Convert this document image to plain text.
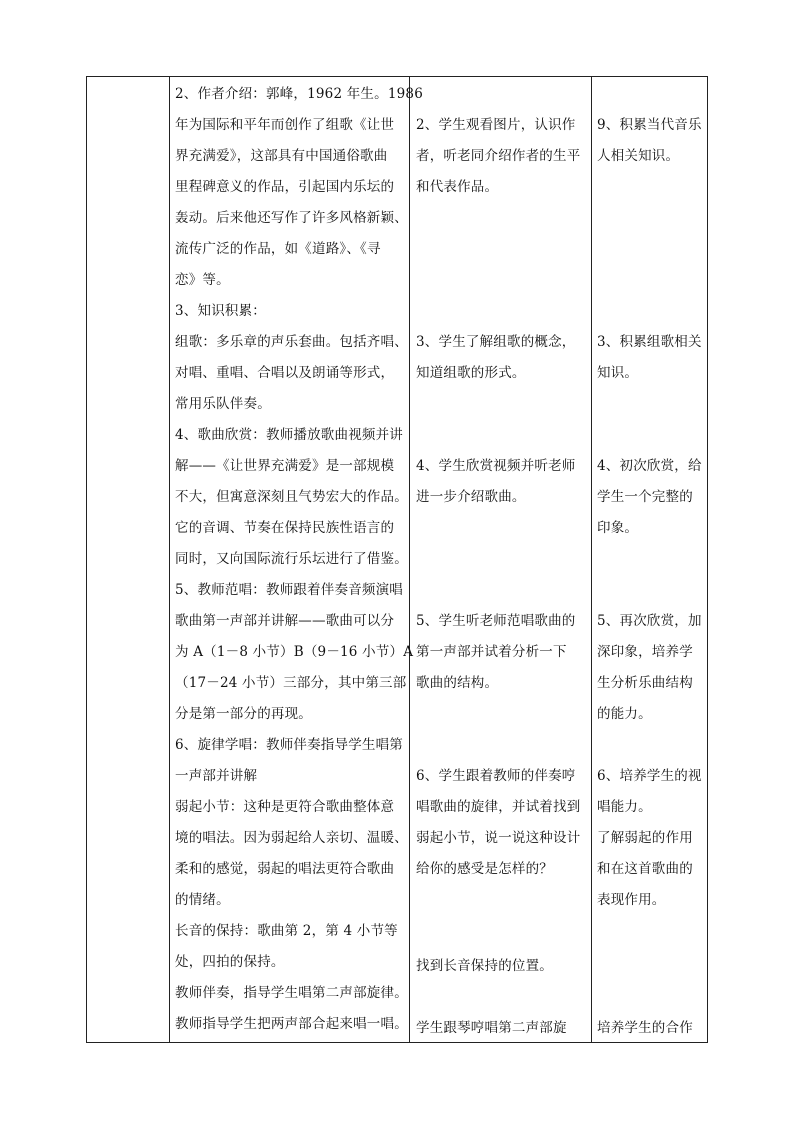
2、作者介绍：郭峰，1962 年生。1986

年为国际和平年而创作了组歌《让世

界充满爱》，这部具有中国通俗歌曲

里程碑意义的作品，引起国内乐坛的

轰动。后来他还写作了许多风格新颖、

流传广泛的作品，如《道路》、《寻

恋》等。

3、知识积累：

组歌：多乐章的声乐套曲。包括齐唱、

对唱、重唱、合唱以及朗诵等形式，

常用乐队伴奏。

4、歌曲欣赏：教师播放歌曲视频并讲

解——《让世界充满爱》是一部规模

不大，但寓意深刻且气势宏大的作品。

它的音调、节奏在保持民族性语言的

同时，又向国际流行乐坛进行了借鉴。

5、教师范唱：教师跟着伴奏音频演唱

歌曲第一声部并讲解——歌曲可以分

为 A（1－8 小节）B（9－16 小节）A

（17－24 小节）三部分，其中第三部

分是第一部分的再现。

6、旋律学唱：教师伴奏指导学生唱第

一声部并讲解

弱起小节：这种是更符合歌曲整体意

境的唱法。因为弱起给人亲切、温暖、

柔和的感觉，弱起的唱法更符合歌曲

的情绪。

长音的保持：歌曲第 2，第 4 小节等

处，四拍的保持。

教师伴奏，指导学生唱第二声部旋律。

教师指导学生把两声部合起来唱一唱。

2、学生观看图片，认识作

者，听老同介绍作者的生平

和代表作品。

3、学生了解组歌的概念，

知道组歌的形式。

4、学生欣赏视频并听老师

进一步介绍歌曲。

5、学生听老师范唱歌曲的

第一声部并试着分析一下

歌曲的结构。

6、学生跟着教师的伴奏哼

唱歌曲的旋律，并试着找到

弱起小节，说一说这种设计

给你的感受是怎样的？

找到长音保持的位置。

学生跟琴哼唱第二声部旋

9、积累当代音乐

人相关知识。

3、积累组歌相关

知识。

4、初次欣赏，给

学生一个完整的

印象。

5、再次欣赏，加

深印象，培养学

生分析乐曲结构

的能力。

6、培养学生的视

唱能力。

了解弱起的作用

和在这首歌曲的

表现作用。

培养学生的合作
